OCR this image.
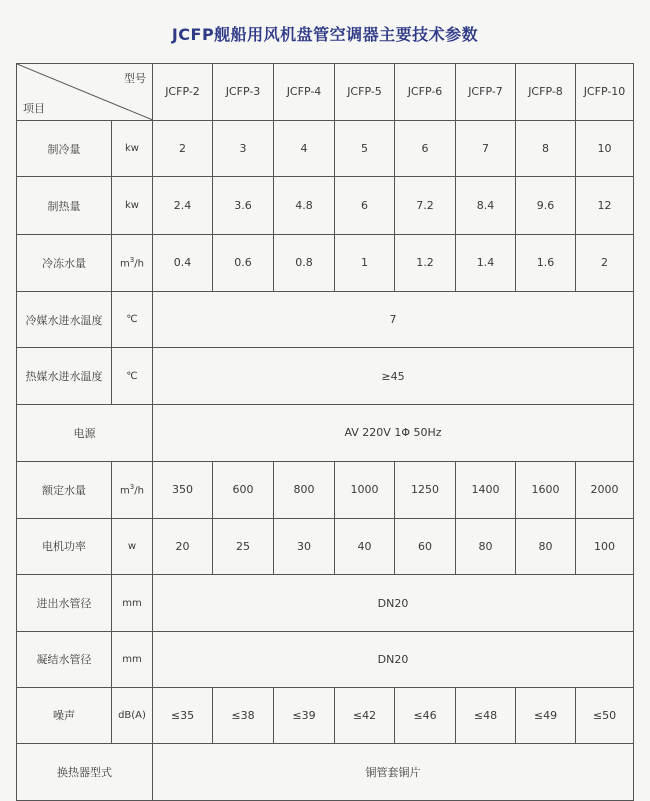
JCFP舰船用风机盘管空调器主要技术参数
型号
项目		JCFP-2	JCFP-3	JCFP-4	JCFP-5	JCFP-6	JCFP-7	JCFP-8	JCFP-10
制冷量	kw	2	3	4	5	6	7	8	10
制热量	kw	2.4	3.6	4.8	6	7.2	8.4	9.6	12
冷冻水量	$m^3/h$	0.4	0.6	0.8	1	1.2	1.4	1.6	2
冷媒水进水温度	℃	7							
热媒水进水温度	℃	≥45							
电源		AV 220V 1Φ 50Hz							
额定水量	$m^3/h$	350	600	800	1000	1250	1400	1600	2000
电机功率	w	20	25	30	40	60	80	80	100
进出水管径	mm	DN20							
凝结水管径	mm	DN20							
噪声	dB(A)	≤35	≤38	≤39	≤42	≤46	≤48	≤49	≤50
换热器型式		铜管套铜片							
